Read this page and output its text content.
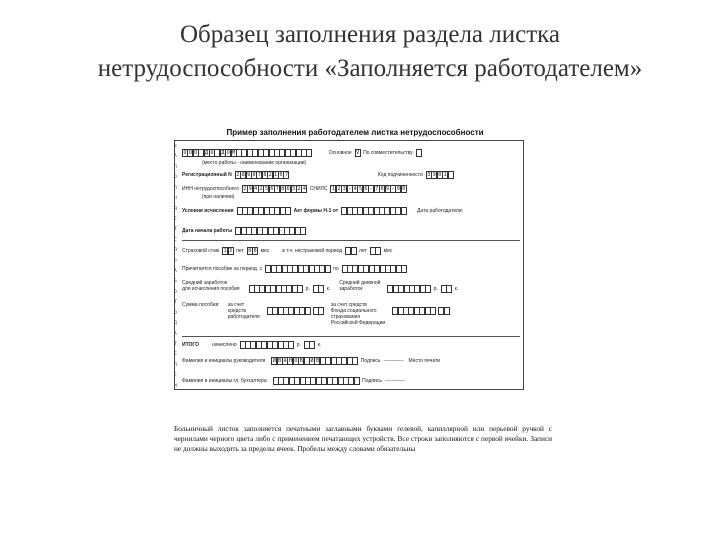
Образец заполнения раздела листка нетрудоспособности «Заполняется работодателем»
Пример заполнения работодателем листка нетрудоспособности
З
А
П
О
Л
Н
Я
Е
Т
С
Я
Р
А
Б
О
Т
О
Д
А
Т
Е
Л
Е
М
О О О	Д О	Д О М	Основное V По совместительству
(место работы - наименование организации)
Регистрационный N 2 8 9 0 7 8 2 1 0 7	Код подчиненности 3 9 0 1
ИНН нетрудоспособного 2 9 4 2 5 6 7 8 6 3 2 4 СНИЛС 1 2 3 - 4 5 6 - 7 8 9 - 0 0
(при наличии)
Условия исчисления	Акт формы Н-1 от	Дата работодателю
Дата начала работы	-	-
Страховой стаж 1 3 лет 0 8 мес	в т.ч. нестраховой период	лет	мес
Причитается пособие за период с	по
Средний заработок
для исчисления пособия	р.	к.
Средний дневной
заработок	р.	к.
Сумма пособия: за счет
средств
работодателя
за счет средств
Фонда социального
страхования
Российской Федерации
ИТОГО	начислено	р.	к.
Фамилия и инициалы руководителя И В А Н О В	И В	Подпись ------------ Место печати
Фамилия и инициалы гл. бухгалтера	Подпись ------------
Больничный листок заполняется печатными заглавными буквами гелевой, капиллярной или перьевой ручкой с чернилами черного цвета либо с применением печатающих устройств. Все строки заполняются с первой ячейки. Записи не должны выходить за пределы ячеек. Пробелы между словами обязательны
